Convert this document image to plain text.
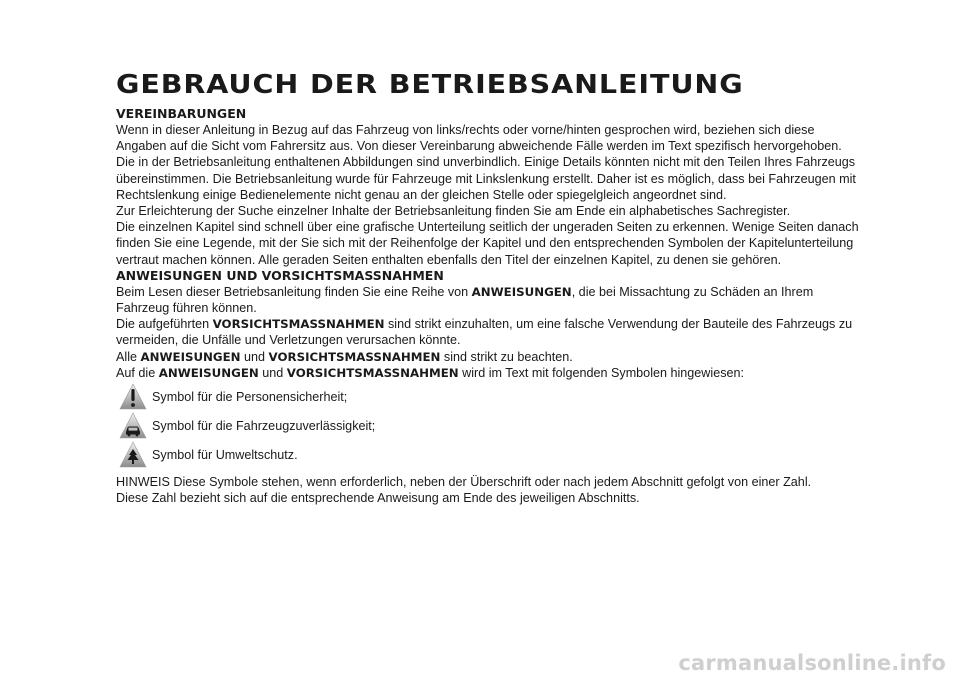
GEBRAUCH DER BETRIEBSANLEITUNG
VEREINBARUNGEN

Wenn in dieser Anleitung in Bezug auf das Fahrzeug von links/rechts oder vorne/hinten gesprochen wird, beziehen sich diese Angaben auf die Sicht vom Fahrersitz aus. Von dieser Vereinbarung abweichende Fälle werden im Text spezifisch hervorgehoben.

Die in der Betriebsanleitung enthaltenen Abbildungen sind unverbindlich. Einige Details könnten nicht mit den Teilen Ihres Fahrzeugs übereinstimmen. Die Betriebsanleitung wurde für Fahrzeuge mit Linkslenkung erstellt. Daher ist es möglich, dass bei Fahrzeugen mit Rechtslenkung einige Bedienelemente nicht genau an der gleichen Stelle oder spiegelgleich angeordnet sind.

Zur Erleichterung der Suche einzelner Inhalte der Betriebsanleitung finden Sie am Ende ein alphabetisches Sachregister.

Die einzelnen Kapitel sind schnell über eine grafische Unterteilung seitlich der ungeraden Seiten zu erkennen. Wenige Seiten danach finden Sie eine Legende, mit der Sie sich mit der Reihenfolge der Kapitel und den entsprechenden Symbolen der Kapitelunterteilung vertraut machen können. Alle geraden Seiten enthalten ebenfalls den Titel der einzelnen Kapitel, zu denen sie gehören.

ANWEISUNGEN UND VORSICHTSMASSNAHMEN

Beim Lesen dieser Betriebsanleitung finden Sie eine Reihe von ANWEISUNGEN, die bei Missachtung zu Schäden an Ihrem Fahrzeug führen können.

Die aufgeführten VORSICHTSMASSNAHMEN sind strikt einzuhalten, um eine falsche Verwendung der Bauteile des Fahrzeugs zu vermeiden, die Unfälle und Verletzungen verursachen könnte.

Alle ANWEISUNGEN und VORSICHTSMASSNAHMEN sind strikt zu beachten.

Auf die ANWEISUNGEN und VORSICHTSMASSNAHMEN wird im Text mit folgenden Symbolen hingewiesen:

Symbol für die Personensicherheit;
Symbol für die Fahrzeugzuverlässigkeit;
Symbol für Umweltschutz.

HINWEIS Diese Symbole stehen, wenn erforderlich, neben der Überschrift oder nach jedem Abschnitt gefolgt von einer Zahl.

Diese Zahl bezieht sich auf die entsprechende Anweisung am Ende des jeweiligen Abschnitts.

carmanualsonline.info
